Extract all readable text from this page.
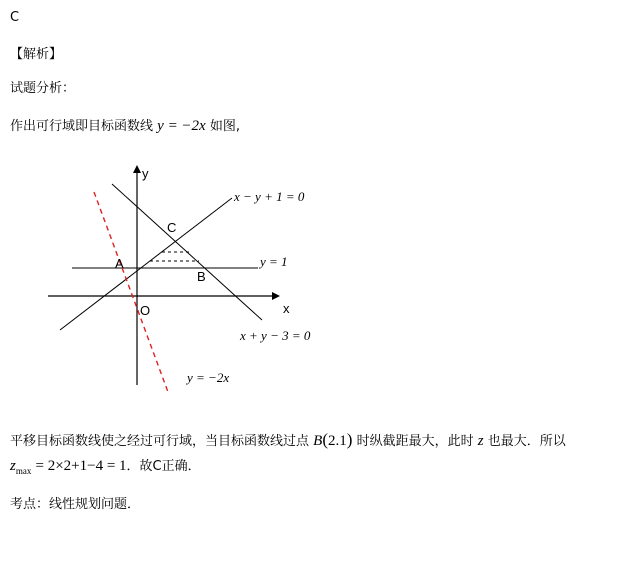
C
【解析】
试题分析：
作出可行域即目标函数线 y = −2x 如图,
y
x
O
A
B
C
x − y + 1 = 0
y = 1
x + y − 3 = 0
y = −2x
平移目标函数线使之经过可行域，当目标函数线过点 B(2.1) 时纵截距最大，此时 z 也最大．所以
$z_{max} = 2\times 2+1-4 = 1$．故C正确．
考点：线性规划问题．
